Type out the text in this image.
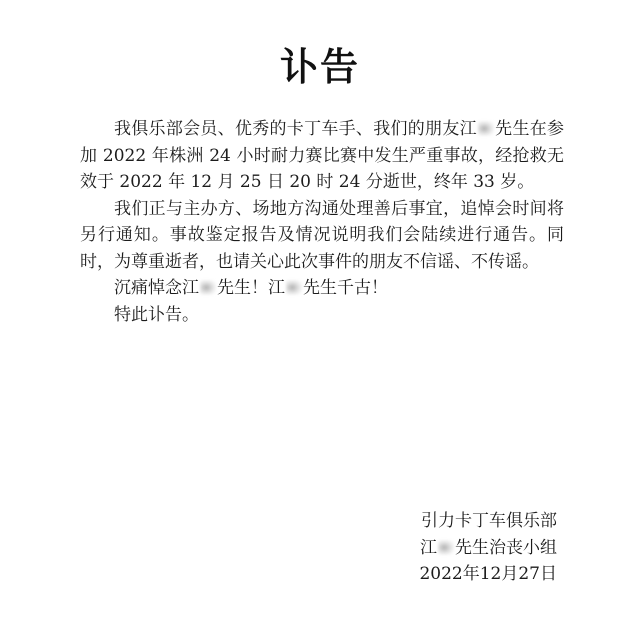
讣告

我俱乐部会员、优秀的卡丁车手、我们的朋友江 先生在参加 2022 年株洲 24 小时耐力赛比赛中发生严重事故，经抢救无效于 2022 年 12 月 25 日 20 时 24 分逝世，终年 33 岁。

我们正与主办方、场地方沟通处理善后事宜，追悼会时间将另行通知。事故鉴定报告及情况说明我们会陆续进行通告。同时，为尊重逝者，也请关心此次事件的朋友不信谣、不传谣。

沉痛悼念江 先生！江 先生千古！

特此讣告。

引力卡丁车俱乐部
江 先生治丧小组
2022年12月27日
